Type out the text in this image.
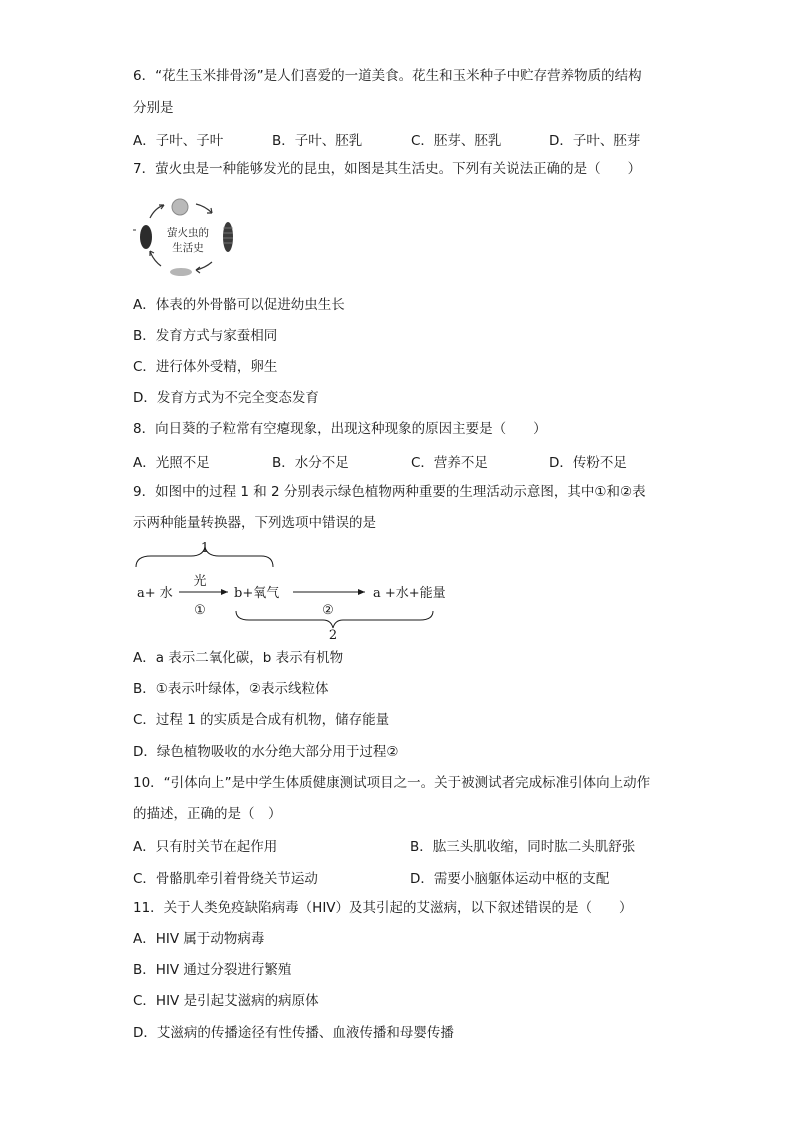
6．“花生玉米排骨汤”是人们喜爱的一道美食。花生和玉米种子中贮存营养物质的结构
分别是
A．子叶、子叶	B．子叶、胚乳	C．胚芽、胚乳	D．子叶、胚芽
7．萤火虫是一种能够发光的昆虫，如图是其生活史。下列有关说法正确的是（　　）
萤火虫的
生活史
A．体表的外骨骼可以促进幼虫生长
B．发育方式与家蚕相同
C．进行体外受精，卵生
D．发育方式为不完全变态发育
8．向日葵的子粒常有空瘪现象，出现这种现象的原因主要是（　　）
A．光照不足	B．水分不足	C．营养不足	D．传粉不足
9．如图中的过程 1 和 2 分别表示绿色植物两种重要的生理活动示意图，其中①和②表
示两种能量转换器，下列选项中错误的是
1
a+ 水
光
①
b+氧气
②
a +水+能量
2
A．a 表示二氧化碳，b 表示有机物
B．①表示叶绿体，②表示线粒体
C．过程 1 的实质是合成有机物，储存能量
D．绿色植物吸收的水分绝大部分用于过程②
10．“引体向上”是中学生体质健康测试项目之一。关于被测试者完成标准引体向上动作
的描述，正确的是（　）
A．只有肘关节在起作用	B．肱三头肌收缩，同时肱二头肌舒张
C．骨骼肌牵引着骨绕关节运动	D．需要小脑躯体运动中枢的支配
11．关于人类免疫缺陷病毒（HIV）及其引起的艾滋病，以下叙述错误的是（　　）
A．HIV 属于动物病毒
B．HIV 通过分裂进行繁殖
C．HIV 是引起艾滋病的病原体
D．艾滋病的传播途径有性传播、血液传播和母婴传播
